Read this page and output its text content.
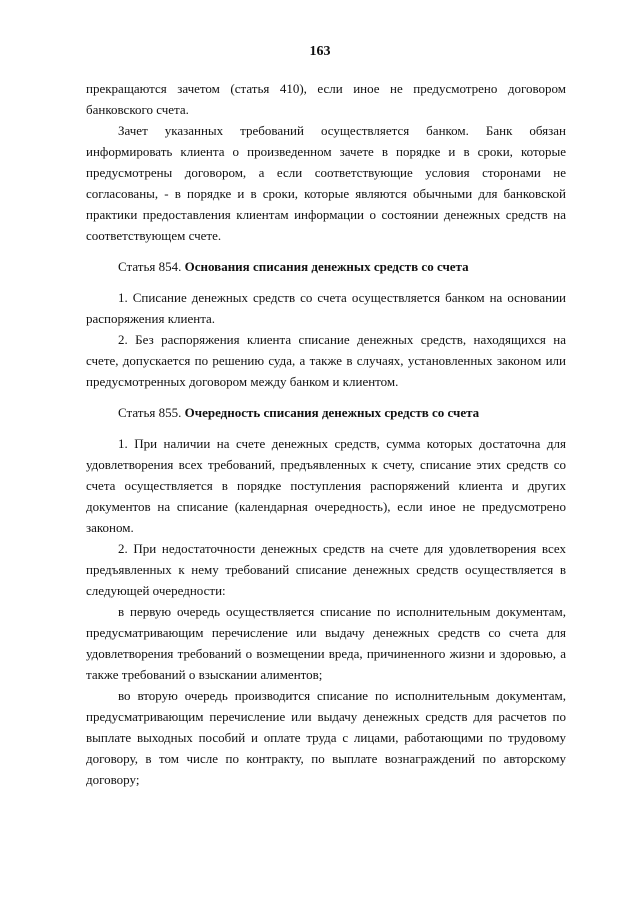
163

прекращаются зачетом (статья 410), если иное не предусмотрено договором банковского счета.

Зачет указанных требований осуществляется банком. Банк обязан информировать клиента о произведенном зачете в порядке и в сроки, которые предусмотрены договором, а если соответствующие условия сторонами не согласованы, - в порядке и в сроки, которые являются обычными для банковской практики предоставления клиентам информации о состоянии денежных средств на соответствующем счете.

Статья 854. Основания списания денежных средств со счета

1. Списание денежных средств со счета осуществляется банком на основании распоряжения клиента.

2. Без распоряжения клиента списание денежных средств, находящихся на счете, допускается по решению суда, а также в случаях, установленных законом или предусмотренных договором между банком и клиентом.

Статья 855. Очередность списания денежных средств со счета

1. При наличии на счете денежных средств, сумма которых достаточна для удовлетворения всех требований, предъявленных к счету, списание этих средств со счета осуществляется в порядке поступления распоряжений клиента и других документов на списание (календарная очередность), если иное не предусмотрено законом.

2. При недостаточности денежных средств на счете для удовлетворения всех предъявленных к нему требований списание денежных средств осуществляется в следующей очередности:

в первую очередь осуществляется списание по исполнительным документам, предусматривающим перечисление или выдачу денежных средств со счета для удовлетворения требований о возмещении вреда, причиненного жизни и здоровью, а также требований о взыскании алиментов;

во вторую очередь производится списание по исполнительным документам, предусматривающим перечисление или выдачу денежных средств для расчетов по выплате выходных пособий и оплате труда с лицами, работающими по трудовому договору, в том числе по контракту, по выплате вознаграждений по авторскому договору;
